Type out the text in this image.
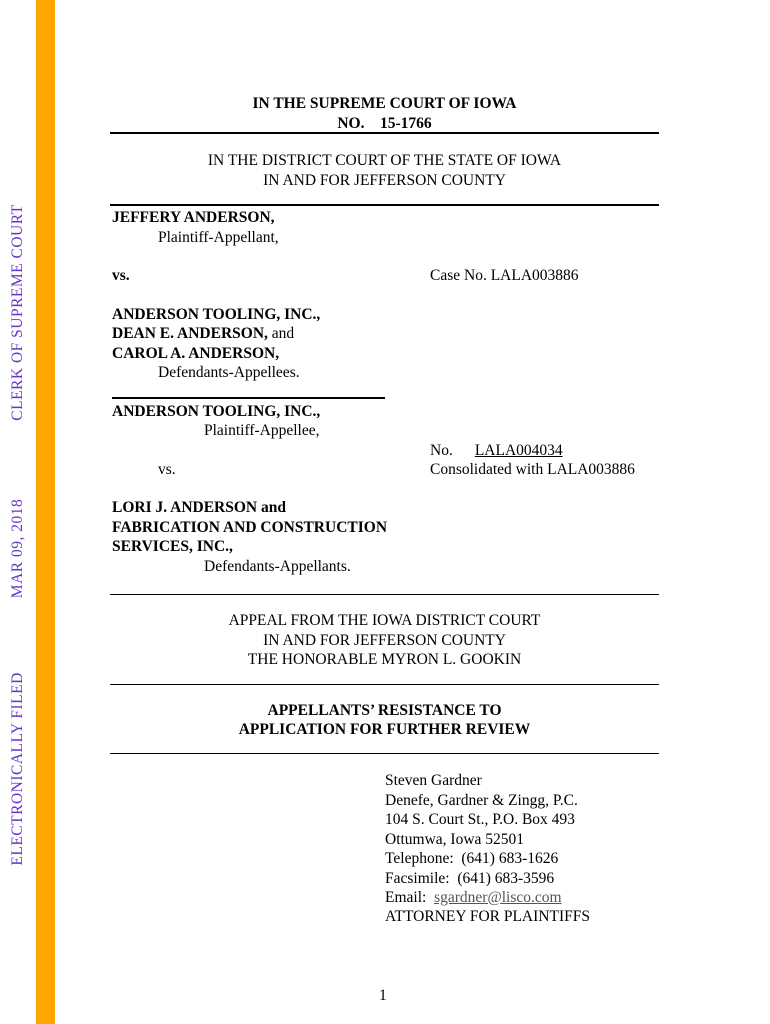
ELECTRONICALLY FILEDMAR 09, 2018CLERK OF SUPREME COURT
IN THE SUPREME COURT OF IOWA
NO.    15-1766
IN THE DISTRICT COURT OF THE STATE OF IOWA
IN AND FOR JEFFERSON COUNTY
JEFFERY ANDERSON,
Plaintiff-Appellant,
vs.	Case No. LALA003886
ANDERSON TOOLING, INC.,
DEAN E. ANDERSON, and
CAROL A. ANDERSON,
Defendants-Appellees.
ANDERSON TOOLING, INC.,
Plaintiff-Appellee,
No. LALA004034
vs.	Consolidated with LALA003886
LORI J. ANDERSON and
FABRICATION AND CONSTRUCTION
SERVICES, INC.,
Defendants-Appellants.
APPEAL FROM THE IOWA DISTRICT COURT
IN AND FOR JEFFERSON COUNTY
THE HONORABLE MYRON L. GOOKIN
APPELLANTS’ RESISTANCE TO
APPLICATION FOR FURTHER REVIEW
Steven Gardner
Denefe, Gardner & Zingg, P.C.
104 S. Court St., P.O. Box 493
Ottumwa, Iowa 52501
Telephone:  (641) 683-1626
Facsimile:  (641) 683-3596
Email:  sgardner@lisco.com
ATTORNEY FOR PLAINTIFFS
1
